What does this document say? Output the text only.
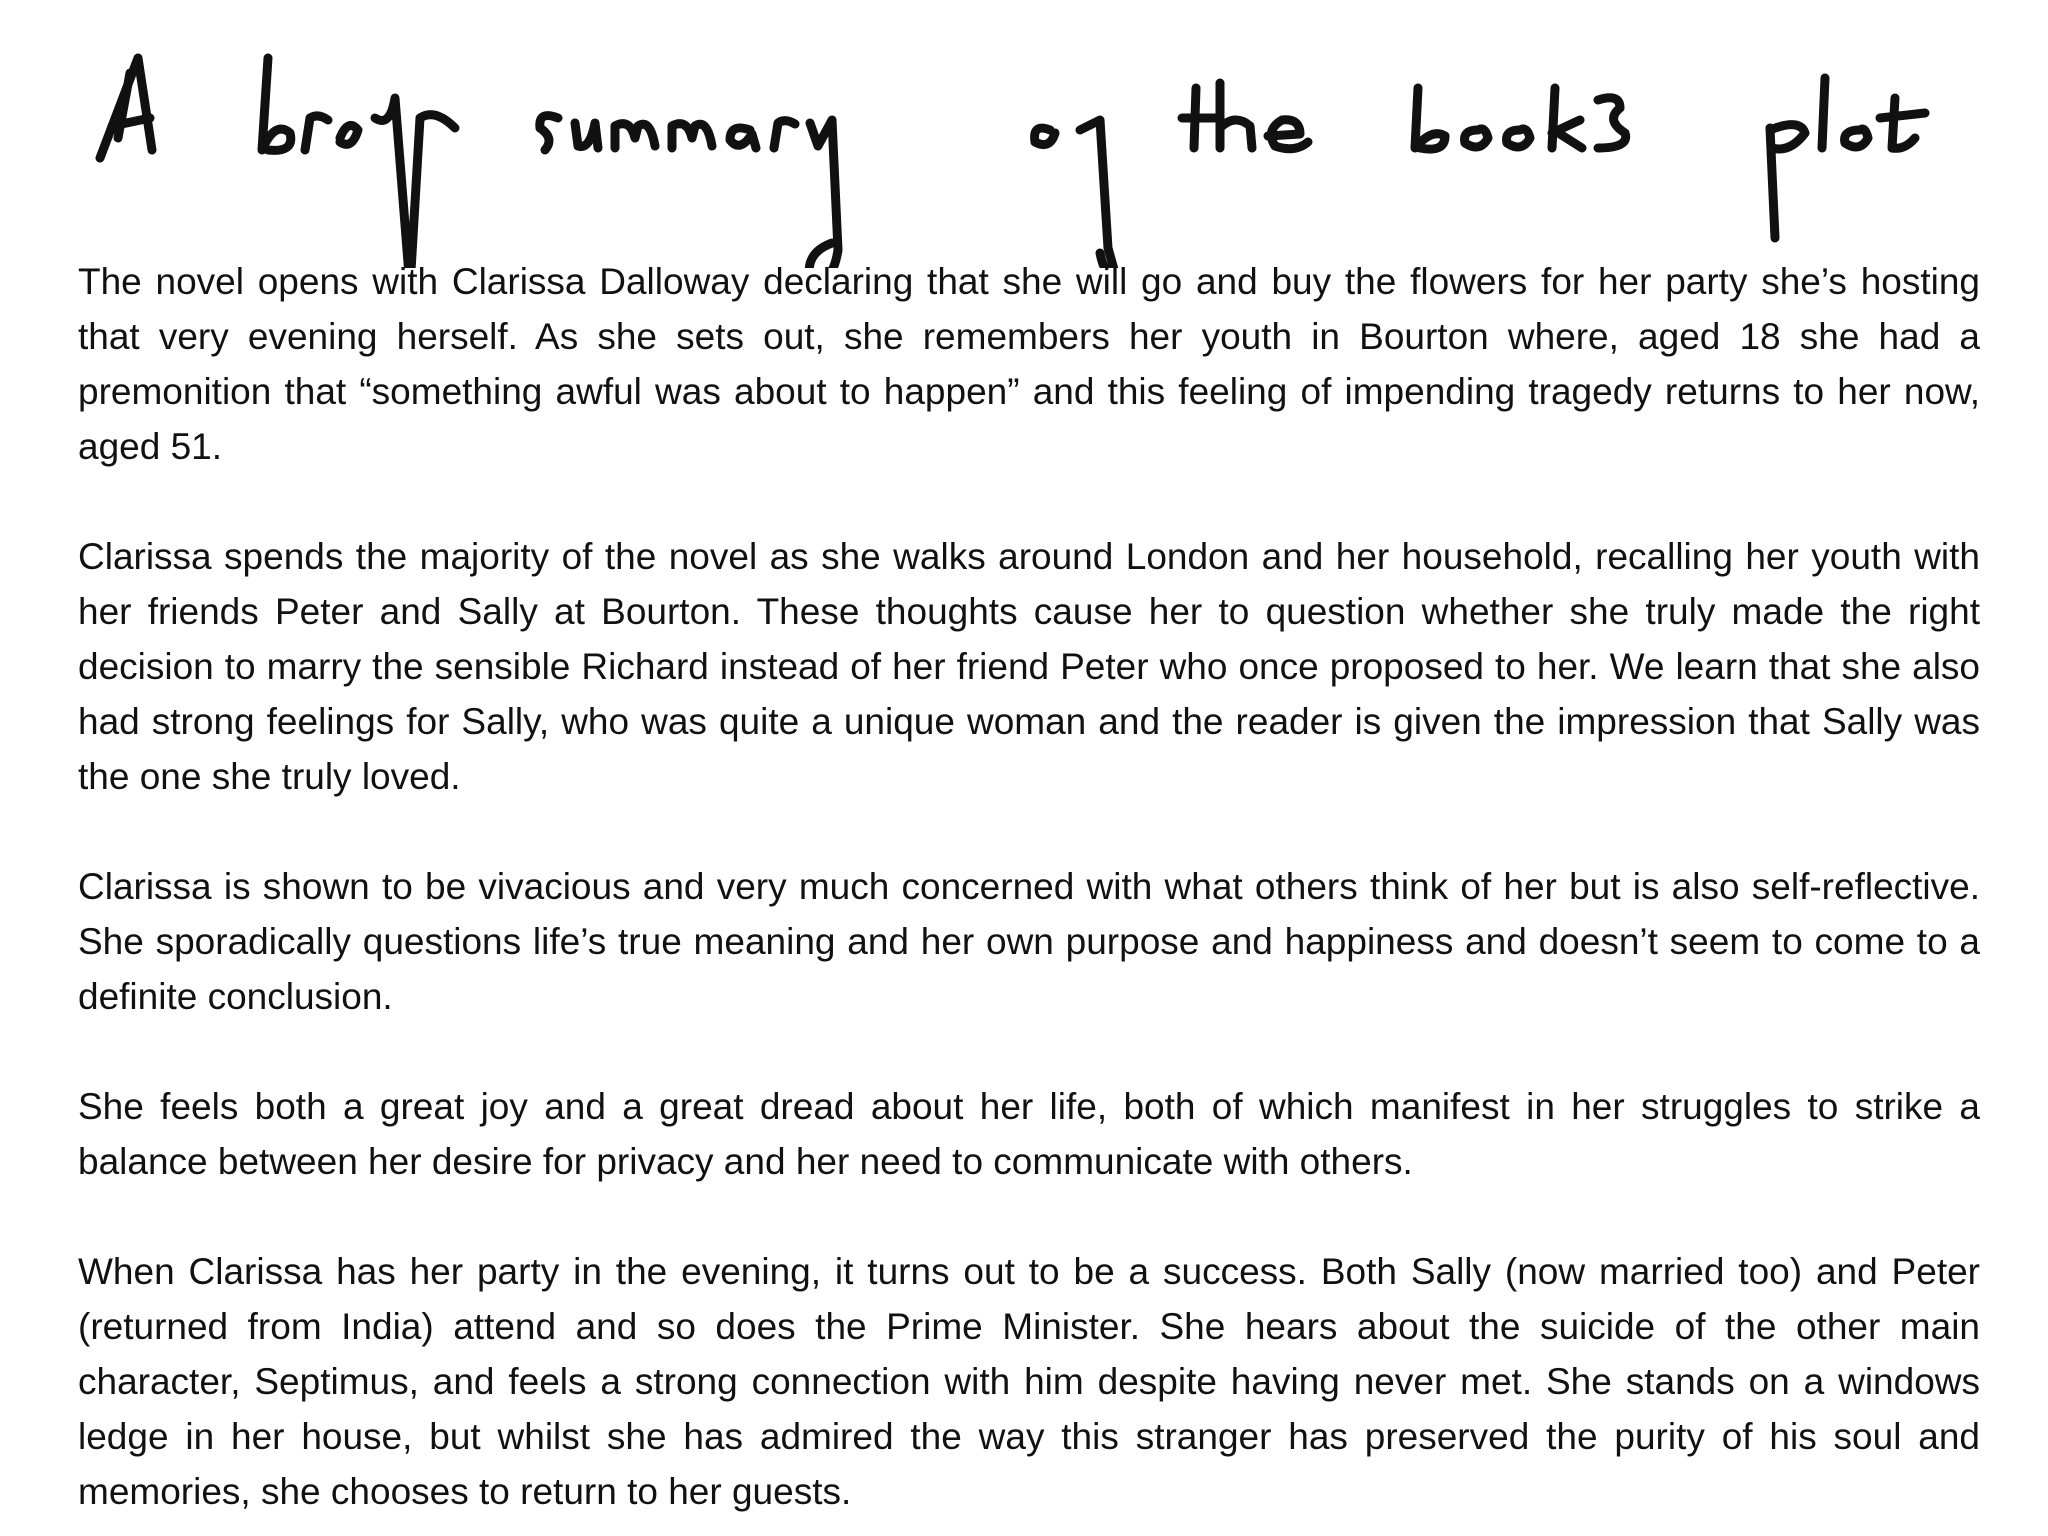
The novel opens with Clarissa Dalloway declaring that she will go and buy the flowers for her party she’s hosting that very evening herself. As she sets out, she remembers her youth in Bourton where, aged 18 she had a premonition that “something awful was about to happen” and this feeling of impending tragedy returns to her now, aged 51.

Clarissa spends the majority of the novel as she walks around London and her household, recalling her youth with her friends Peter and Sally at Bourton. These thoughts cause her to question whether she truly made the right decision to marry the sensible Richard instead of her friend Peter who once proposed to her. We learn that she also had strong feelings for Sally, who was quite a unique woman and the reader is given the impression that Sally was the one she truly loved.

Clarissa is shown to be vivacious and very much concerned with what others think of her but is also self-reflective. She sporadically questions life’s true meaning and her own purpose and happiness and doesn’t seem to come to a definite conclusion.

She feels both a great joy and a great dread about her life, both of which manifest in her struggles to strike a balance between her desire for privacy and her need to communicate with others.

When Clarissa has her party in the evening, it turns out to be a success. Both Sally (now married too) and Peter (returned from India) attend and so does the Prime Minister. She hears about the suicide of the other main character, Septimus, and feels a strong connection with him despite having never met. She stands on a windows ledge in her house, but whilst she has admired the way this stranger has preserved the purity of his soul and memories, she chooses to return to her guests.
